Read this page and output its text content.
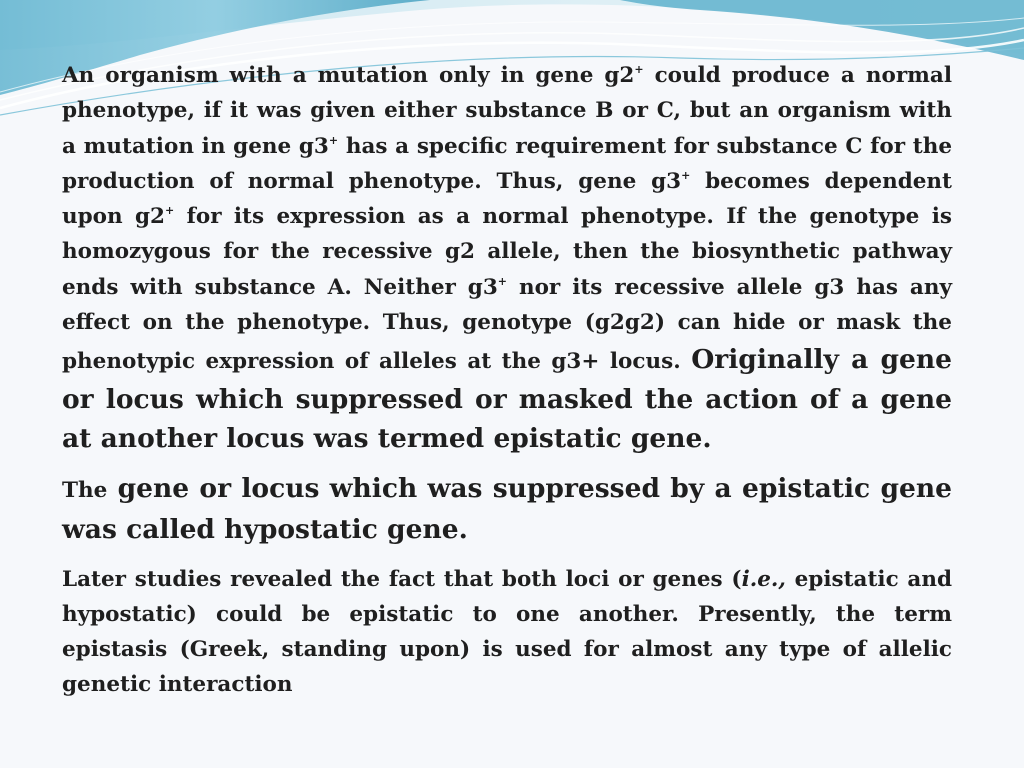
An organism with a mutation only in gene g2+ could produce a normal phenotype, if it was given either substance B or C, but an organism with a mutation in gene g3+ has a specific requirement for substance C for the production of normal phenotype. Thus, gene g3+ becomes dependent upon g2+ for its expression as a normal phenotype. If the genotype is homozygous for the recessive g2 allele, then the biosynthetic pathway ends with substance A. Neither g3+ nor its recessive allele g3 has any effect on the phenotype. Thus, genotype (g2g2) can hide or mask the phenotypic expression of alleles at the g3+ locus. Originally a gene or locus which suppressed or masked the action of a gene at another locus was termed epistatic gene.

The gene or locus which was suppressed by a epistatic gene was called hypostatic gene.

Later studies revealed the fact that both loci or genes (i.e., epistatic and hypostatic) could be epistatic to one another. Presently, the term epistasis (Greek, standing upon) is used for almost any type of allelic genetic interaction
